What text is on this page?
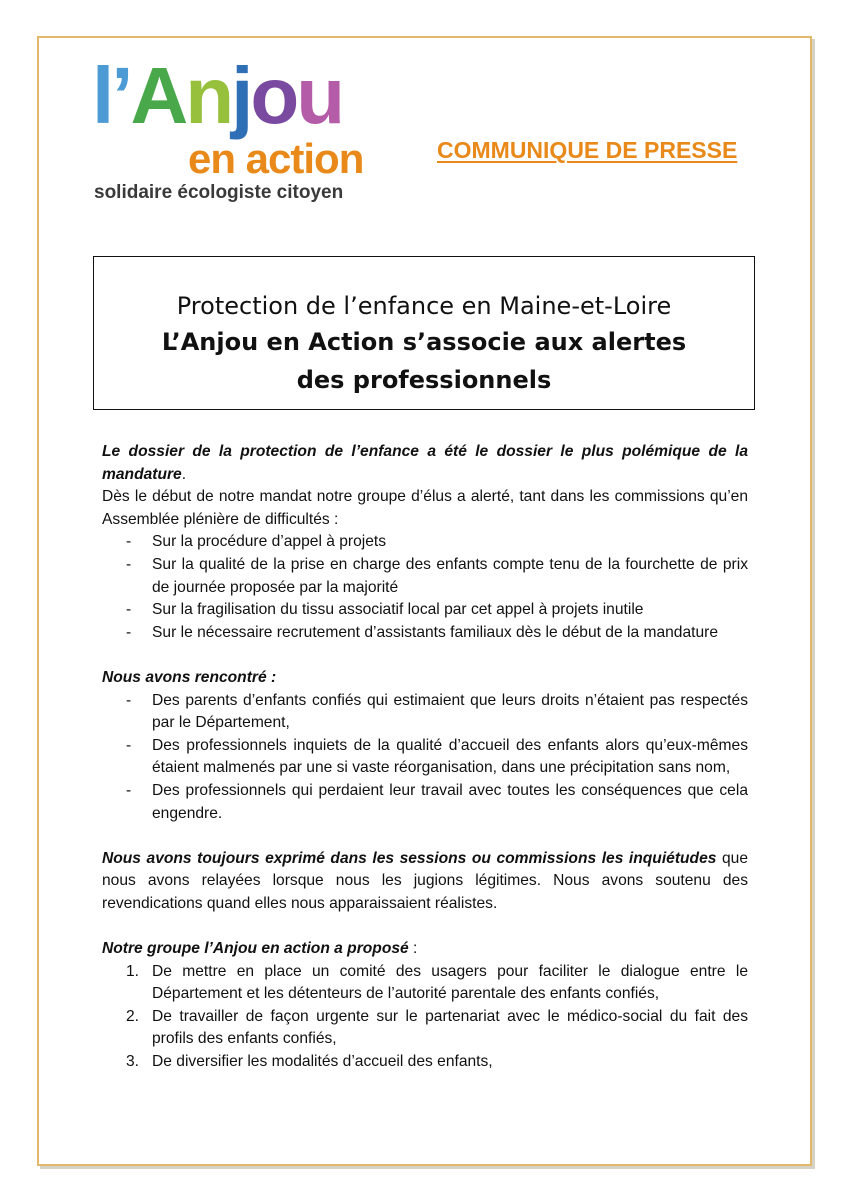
l’Anjou
en action
solidaire écologiste citoyen
COMMUNIQUE DE PRESSE
Protection de l’enfance en Maine-et-Loire
L’Anjou en Action s’associe aux alertes des professionnels

Le dossier de la protection de l’enfance a été le dossier le plus polémique de la mandature.

Dès le début de notre mandat notre groupe d’élus a alerté, tant dans les commissions qu’en Assemblée plénière de difficultés :

- Sur la procédure d’appel à projets
- Sur la qualité de la prise en charge des enfants compte tenu de la fourchette de prix de journée proposée par la majorité
- Sur la fragilisation du tissu associatif local par cet appel à projets inutile
- Sur le nécessaire recrutement d’assistants familiaux dès le début de la mandature

Nous avons rencontré :

- Des parents d’enfants confiés qui estimaient que leurs droits n’étaient pas respectés par le Département,
- Des professionnels inquiets de la qualité d’accueil des enfants alors qu’eux-mêmes étaient malmenés par une si vaste réorganisation, dans une précipitation sans nom,
- Des professionnels qui perdaient leur travail avec toutes les conséquences que cela engendre.

Nous avons toujours exprimé dans les sessions ou commissions les inquiétudes que nous avons relayées lorsque nous les jugions légitimes. Nous avons soutenu des revendications quand elles nous apparaissaient réalistes.

Notre groupe l’Anjou en action a proposé :

1. De mettre en place un comité des usagers pour faciliter le dialogue entre le Département et les détenteurs de l’autorité parentale des enfants confiés,
2. De travailler de façon urgente sur le partenariat avec le médico-social du fait des profils des enfants confiés,
3. De diversifier les modalités d’accueil des enfants,
